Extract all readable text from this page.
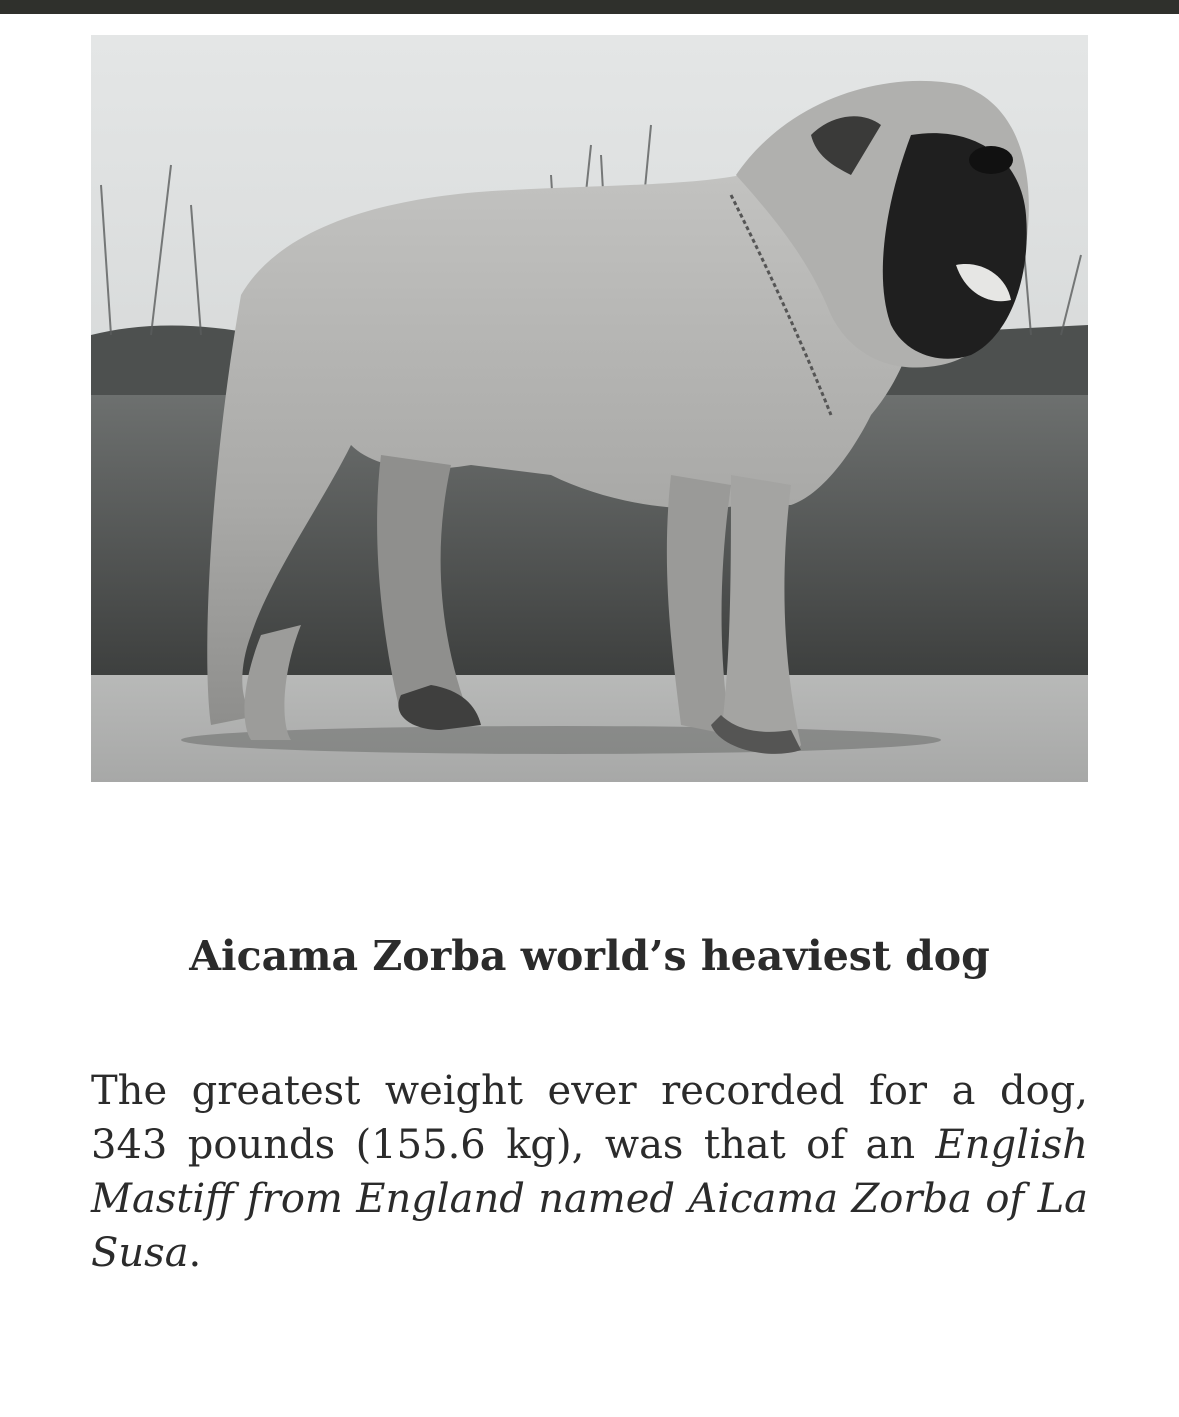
Aicama Zorba world’s heaviest dog

The greatest weight ever recorded for a dog, 343 pounds (155.6 kg), was that of an English Mastiff from England named Aicama Zorba of La Susa.
